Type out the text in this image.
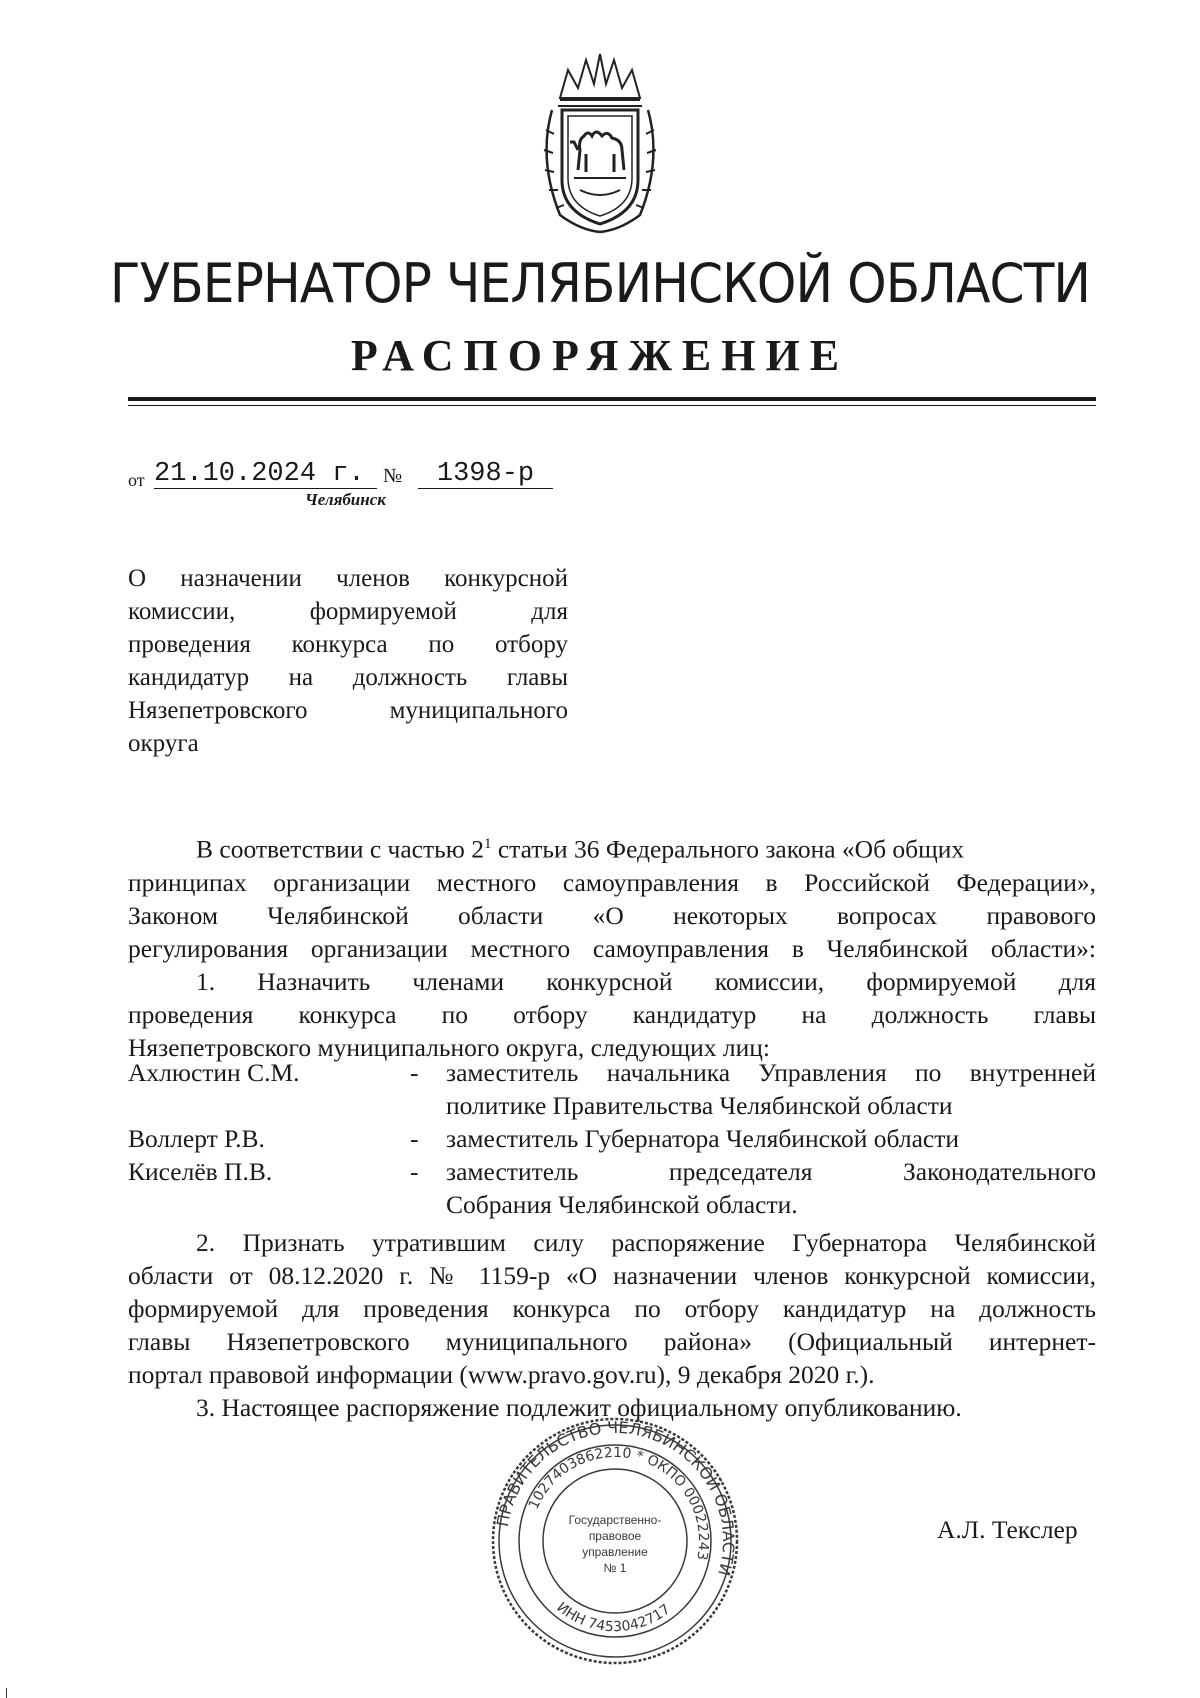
ГУБЕРНАТОР ЧЕЛЯБИНСКОЙ ОБЛАСТИ
РАСПОРЯЖЕНИЕ
от 21.10.2024 г. №	1398-р
Челябинск
О назначении членов конкурсной
комиссии, формируемой для
проведения конкурса по отбору
кандидатур на должность главы
Нязепетровского муниципального
округа
В соответствии с частью $2^1$ статьи 36 Федерального закона «Об общих
принципах организации местного самоуправления в Российской Федерации»,
Законом Челябинской области «О некоторых вопросах правового
регулирования организации местного самоуправления в Челябинской области»:
1. Назначить членами конкурсной комиссии, формируемой для
проведения конкурса по отбору кандидатур на должность главы
Нязепетровского муниципального округа, следующих лиц:
Ахлюстин С.М.	- заместитель начальника Управления по внутренней
политике Правительства Челябинской области
Воллерт Р.В.	- заместитель Губернатора Челябинской области
Киселёв П.В.	- заместитель председателя Законодательного
Собрания Челябинской области.
2. Признать утратившим силу распоряжение Губернатора Челябинской
области от 08.12.2020 г. № 1159-р «О назначении членов конкурсной комиссии,
формируемой для проведения конкурса по отбору кандидатур на должность
главы Нязепетровского муниципального района» (Официальный интернет-
портал правовой информации (www.pravo.gov.ru), 9 декабря 2020 г.).
3. Настоящее распоряжение подлежит официальному опубликованию.
ПРАВИТЕЛЬСТВО ЧЕЛЯБИНСКОЙ ОБЛАСТИ
1027403862210 * ОКПО 00022243
ИНН 7453042717
Государственно-
правовое
управление
№ 1
А.Л. Текслер
